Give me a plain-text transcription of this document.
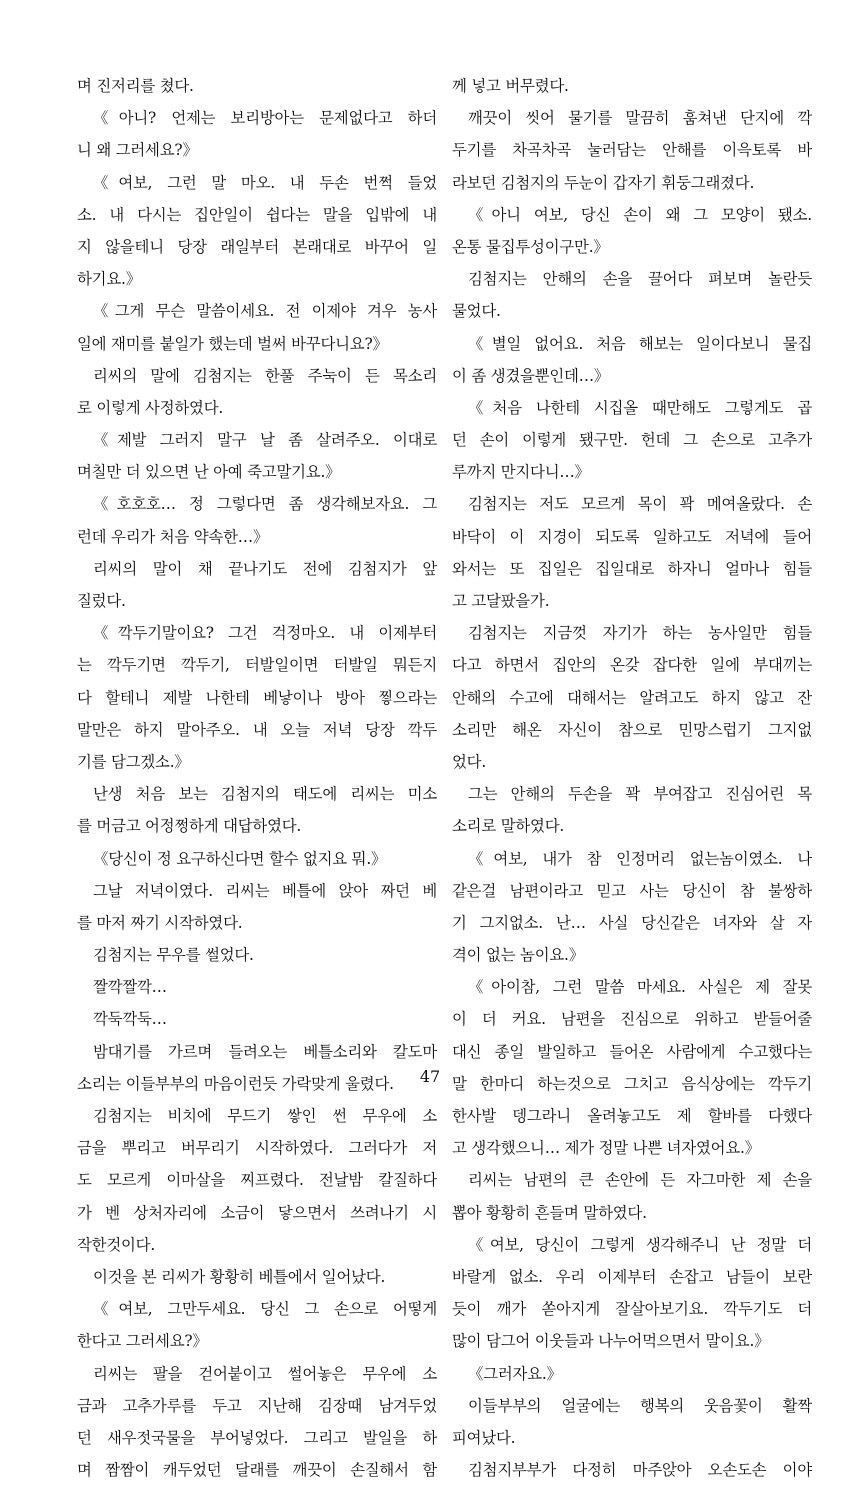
며 진저리를 쳤다.
《아니? 언제는 보리방아는 문제없다고 하더
니 왜 그러세요?》
《여보, 그런 말 마오. 내 두손 번쩍 들었
소. 내 다시는 집안일이 쉽다는 말을 입밖에 내
지 않을테니 당장 래일부터 본래대로 바꾸어 일
하기요.》
《그게 무슨 말씀이세요. 전 이제야 겨우 농사
일에 재미를 붙일가 했는데 벌써 바꾸다니요?》
리씨의 말에 김첨지는 한풀 주눅이 든 목소리
로 이렇게 사정하였다.
《제발 그러지 말구 날 좀 살려주오. 이대로
며칠만 더 있으면 난 아예 죽고말기요.》
《호호호… 정 그렇다면 좀 생각해보자요. 그
런데 우리가 처음 약속한…》
리씨의 말이 채 끝나기도 전에 김첨지가 앞
질렀다.
《깍두기말이요? 그건 걱정마오. 내 이제부터
는 깍두기면 깍두기, 터발일이면 터발일 뭐든지
다 할테니 제발 나한테 베낳이나 방아 찧으라는
말만은 하지 말아주오. 내 오늘 저녁 당장 깍두
기를 담그겠소.》
난생 처음 보는 김첨지의 태도에 리씨는 미소
를 머금고 어정쩡하게 대답하였다.
《당신이 정 요구하신다면 할수 없지요 뭐.》
그날 저녁이였다. 리씨는 베틀에 앉아 짜던 베
를 마저 짜기 시작하였다.
김첨지는 무우를 썰었다.
짤깍짤깍…
깍둑깍둑…
밤대기를 가르며 들려오는 베틀소리와 칼도마
소리는 이들부부의 마음이런듯 가락맞게 울렸다.
김첨지는 비치에 무드기 쌓인 썬 무우에 소
금을 뿌리고 버무리기 시작하였다. 그러다가 저
도 모르게 이마살을 찌프렸다. 전날밤 칼질하다
가 벤 상처자리에 소금이 닿으면서 쓰려나기 시
작한것이다.
이것을 본 리씨가 황황히 베틀에서 일어났다.
《여보, 그만두세요. 당신 그 손으로 어떻게
한다고 그러세요?》
리씨는 팔을 걷어붙이고 썰어놓은 무우에 소
금과 고추가루를 두고 지난해 김장때 남겨두었
던 새우젓국물을 부어넣었다. 그리고 발일을 하
며 짬짬이 캐두었던 달래를 깨끗이 손질해서 함
께 넣고 버무렸다.
깨끗이 씻어 물기를 말끔히 훔쳐낸 단지에 깍
두기를 차곡차곡 눌러담는 안해를 이윽토록 바
라보던 김첨지의 두눈이 갑자기 휘둥그래졌다.
《아니 여보, 당신 손이 왜 그 모양이 됐소.
온통 물집투성이구만.》
김첨지는 안해의 손을 끌어다 펴보며 놀란듯
물었다.
《별일 없어요. 처음 해보는 일이다보니 물집
이 좀 생겼을뿐인데…》
《처음 나한테 시집올 때만해도 그렇게도 곱
던 손이 이렇게 됐구만. 헌데 그 손으로 고추가
루까지 만지다니…》
김첨지는 저도 모르게 목이 꽉 메여올랐다. 손
바닥이 이 지경이 되도록 일하고도 저녁에 들어
와서는 또 집일은 집일대로 하자니 얼마나 힘들
고 고달팠을가.
김첨지는 지금껏 자기가 하는 농사일만 힘들
다고 하면서 집안의 온갖 잡다한 일에 부대끼는
안해의 수고에 대해서는 알려고도 하지 않고 잔
소리만 해온 자신이 참으로 민망스럽기 그지없
었다.
그는 안해의 두손을 꽉 부여잡고 진심어린 목
소리로 말하였다.
《여보, 내가 참 인정머리 없는놈이였소. 나
같은걸 남편이라고 믿고 사는 당신이 참 불쌍하
기 그지없소. 난… 사실 당신같은 녀자와 살 자
격이 없는 놈이요.》
《아이참, 그런 말씀 마세요. 사실은 제 잘못
이 더 커요. 남편을 진심으로 위하고 받들어줄
대신 종일 발일하고 들어온 사람에게 수고했다는
말 한마디 하는것으로 그치고 음식상에는 깍두기
한사발 뎅그라니 올려놓고도 제 할바를 다했다
고 생각했으니… 제가 정말 나쁜 녀자였어요.》
리씨는 남편의 큰 손안에 든 자그마한 제 손을
뽑아 황황히 흔들며 말하였다.
《여보, 당신이 그렇게 생각해주니 난 정말 더
바랄게 없소. 우리 이제부터 손잡고 남들이 보란
듯이 깨가 쏟아지게 잘살아보기요. 깍두기도 더
많이 담그어 이웃들과 나누어먹으면서 말이요.》
《그러자요.》
이들부부의 얼굴에는 행복의 웃음꽃이 활짝
피여났다.
김첨지부부가 다정히 마주앉아 오손도손 이야
47
